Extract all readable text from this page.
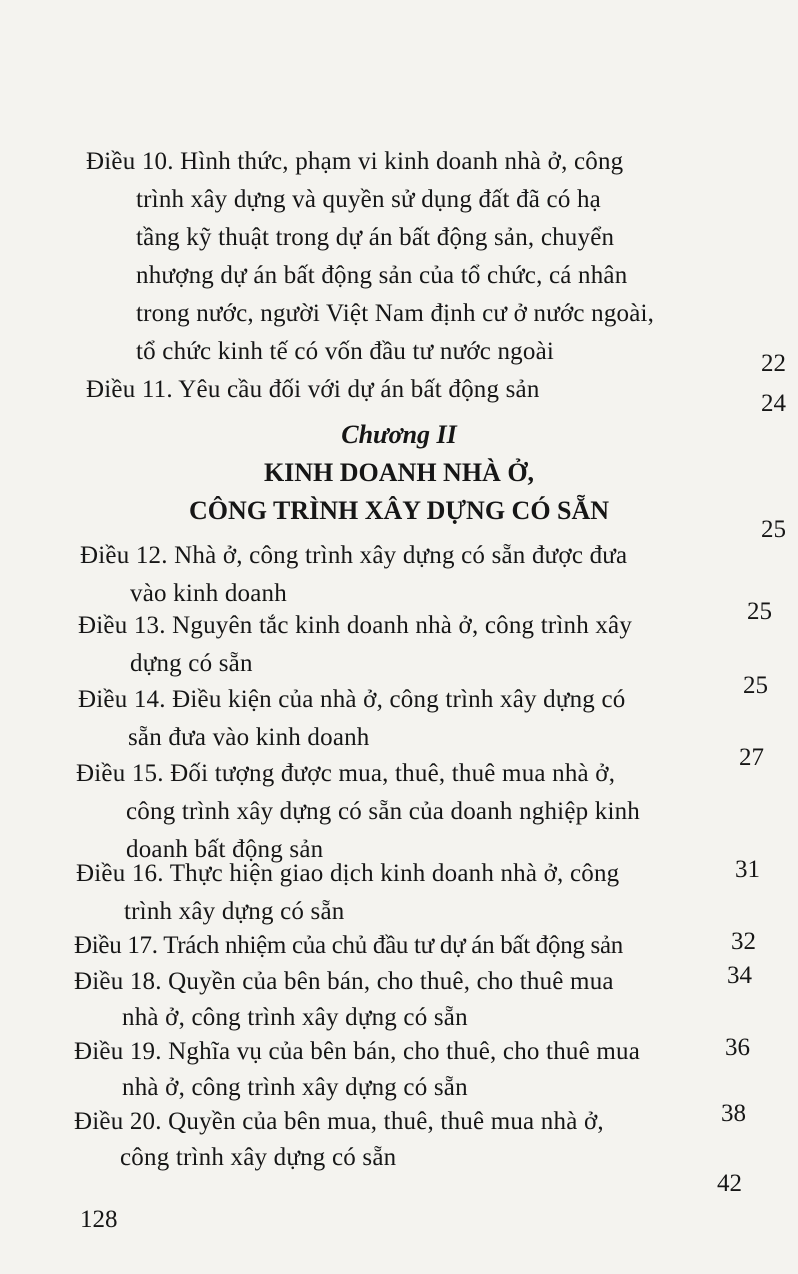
Điều 10. Hình thức, phạm vi kinh doanh nhà ở, công
trình xây dựng và quyền sử dụng đất đã có hạ
tầng kỹ thuật trong dự án bất động sản, chuyển
nhượng dự án bất động sản của tổ chức, cá nhân
trong nước, người Việt Nam định cư ở nước ngoài,
tổ chức kinh tế có vốn đầu tư nước ngoài	22
Điều 11. Yêu cầu đối với dự án bất động sản
24
Chương II
KINH DOANH NHÀ Ở,
CÔNG TRÌNH XÂY DỰNG CÓ SẴN
25
Điều 12. Nhà ở, công trình xây dựng có sẵn được đưa
vào kinh doanh
25
Điều 13. Nguyên tắc kinh doanh nhà ở, công trình xây
dựng có sẵn
25
Điều 14. Điều kiện của nhà ở, công trình xây dựng có
sẵn đưa vào kinh doanh
27
Điều 15. Đối tượng được mua, thuê, thuê mua nhà ở,
công trình xây dựng có sẵn của doanh nghiệp kinh
doanh bất động sản
31
Điều 16. Thực hiện giao dịch kinh doanh nhà ở, công
trình xây dựng có sẵn
32
Điều 17. Trách nhiệm của chủ đầu tư dự án bất động sản
34
Điều 18. Quyền của bên bán, cho thuê, cho thuê mua
nhà ở, công trình xây dựng có sẵn
36
Điều 19. Nghĩa vụ của bên bán, cho thuê, cho thuê mua
nhà ở, công trình xây dựng có sẵn
38
Điều 20. Quyền của bên mua, thuê, thuê mua nhà ở,
công trình xây dựng có sẵn
42
128
